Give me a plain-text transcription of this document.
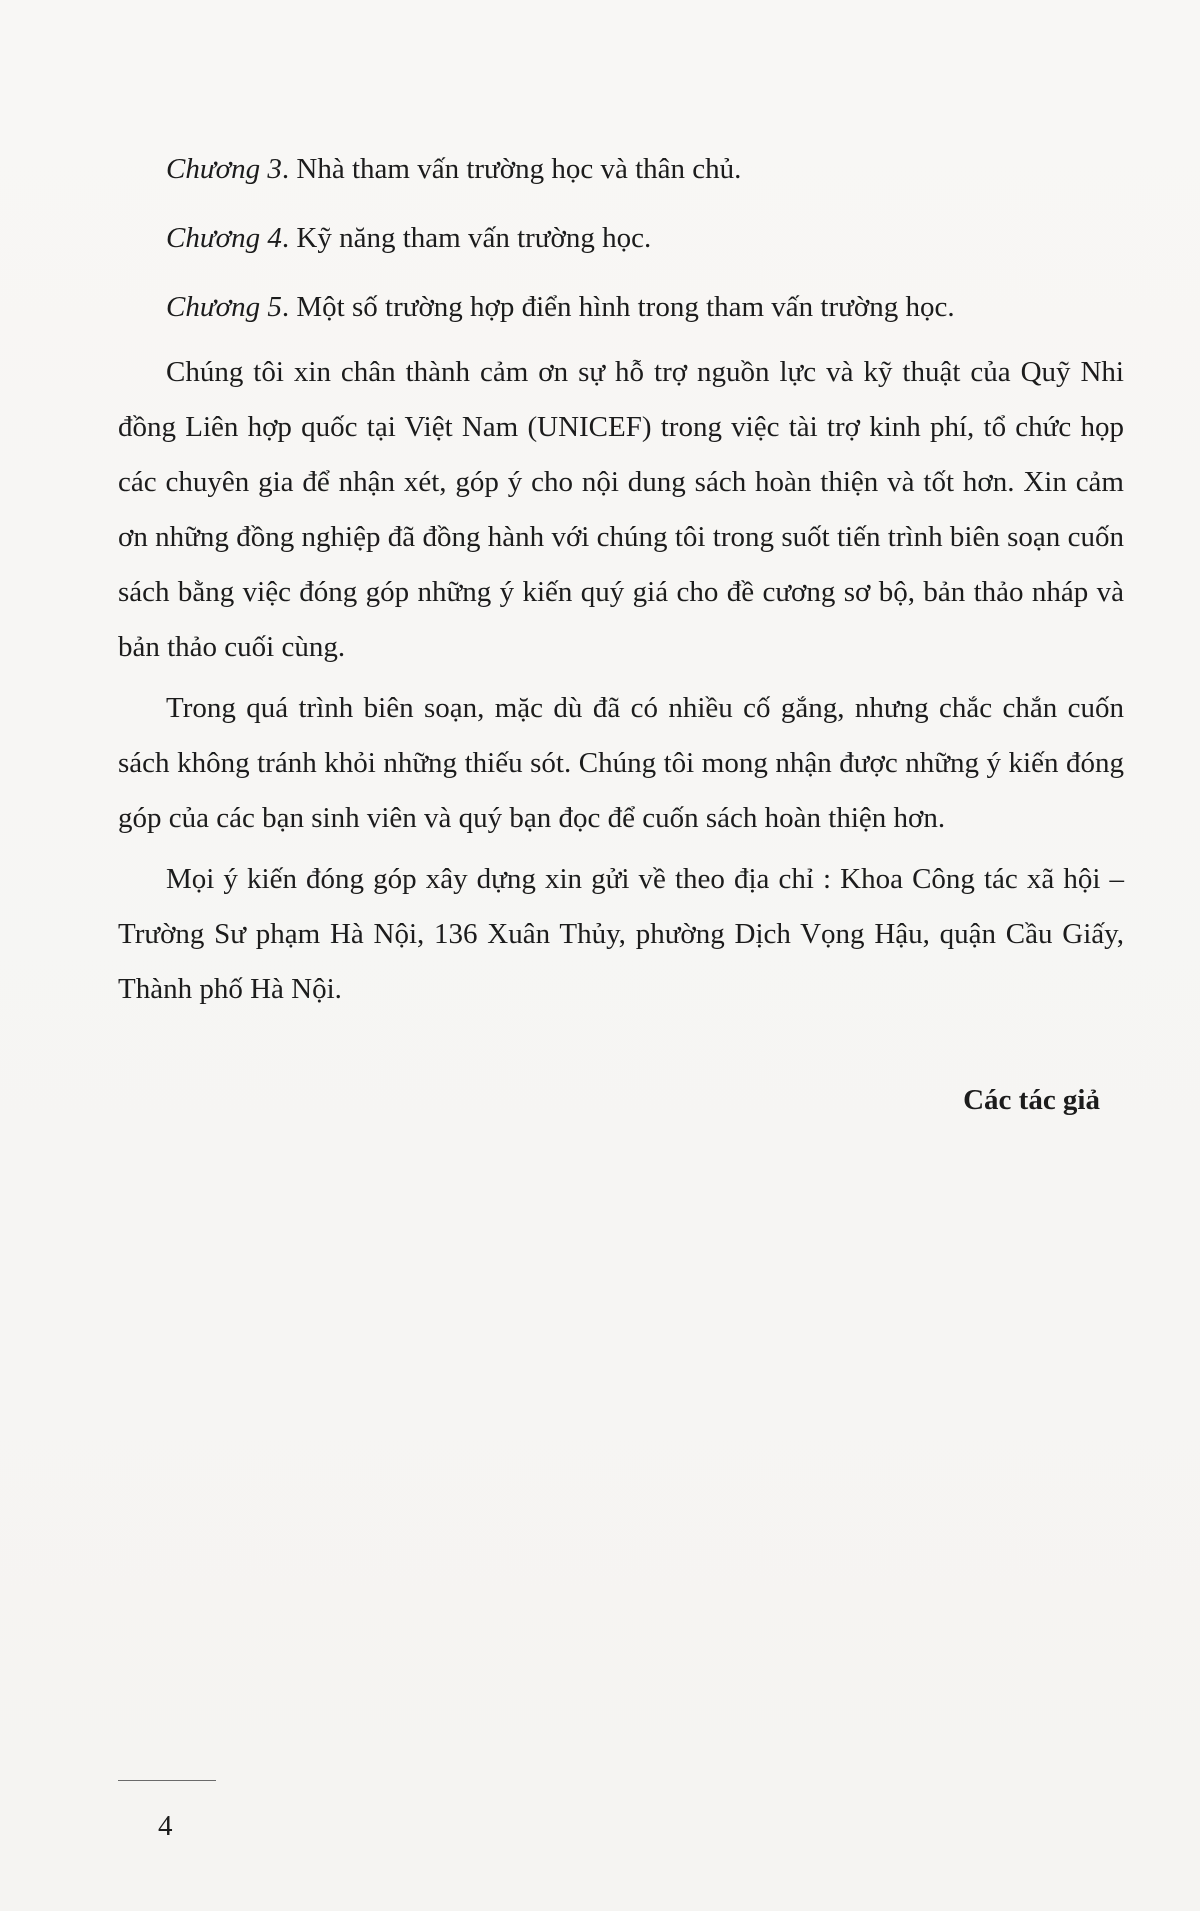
Chương 3. Nhà tham vấn trường học và thân chủ.
Chương 4. Kỹ năng tham vấn trường học.
Chương 5. Một số trường hợp điển hình trong tham vấn trường học.

Chúng tôi xin chân thành cảm ơn sự hỗ trợ nguồn lực và kỹ thuật của Quỹ Nhi đồng Liên hợp quốc tại Việt Nam (UNICEF) trong việc tài trợ kinh phí, tổ chức họp các chuyên gia để nhận xét, góp ý cho nội dung sách hoàn thiện và tốt hơn. Xin cảm ơn những đồng nghiệp đã đồng hành với chúng tôi trong suốt tiến trình biên soạn cuốn sách bằng việc đóng góp những ý kiến quý giá cho đề cương sơ bộ, bản thảo nháp và bản thảo cuối cùng.

Trong quá trình biên soạn, mặc dù đã có nhiều cố gắng, nhưng chắc chắn cuốn sách không tránh khỏi những thiếu sót. Chúng tôi mong nhận được những ý kiến đóng góp của các bạn sinh viên và quý bạn đọc để cuốn sách hoàn thiện hơn.

Mọi ý kiến đóng góp xây dựng xin gửi về theo địa chỉ : Khoa Công tác xã hội – Trường Sư phạm Hà Nội, 136 Xuân Thủy, phường Dịch Vọng Hậu, quận Cầu Giấy, Thành phố Hà Nội.

Các tác giả
4
